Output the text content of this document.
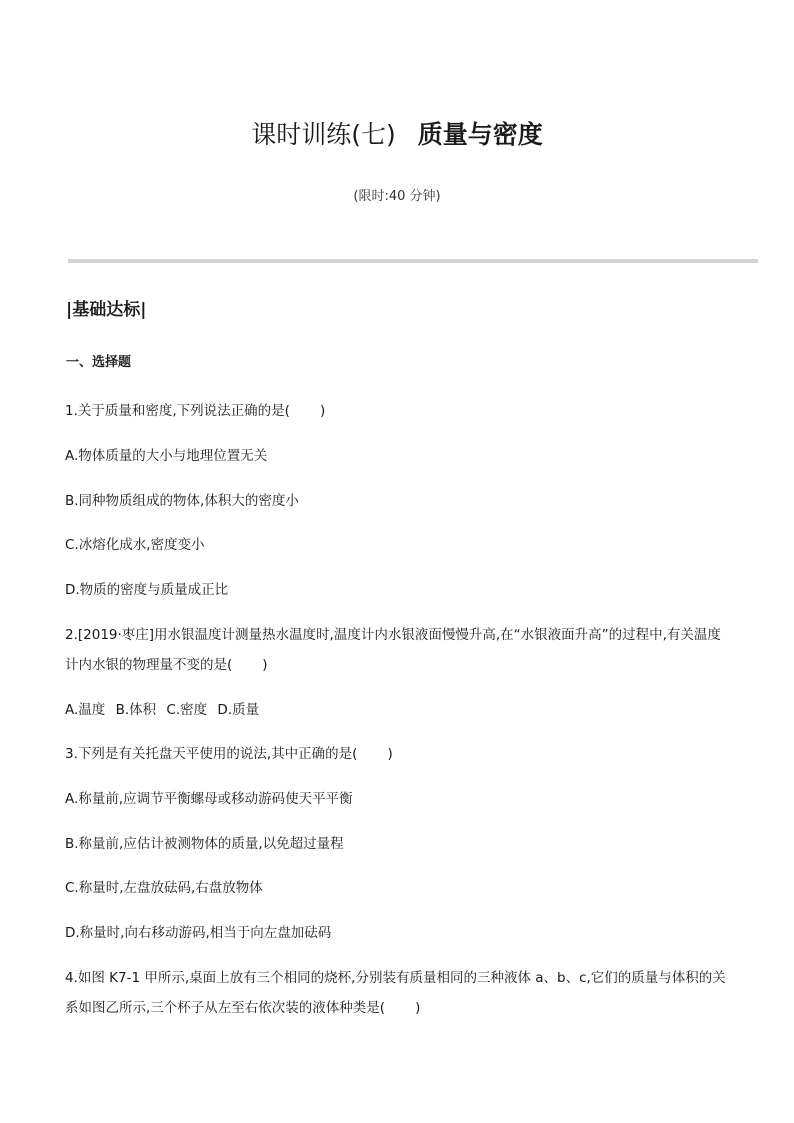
课时训练(七) 质量与密度
(限时:40 分钟)
|基础达标|
一、选择题
1.关于质量和密度,下列说法正确的是( )
A.物体质量的大小与地理位置无关
B.同种物质组成的物体,体积大的密度小
C.冰熔化成水,密度变小
D.物质的密度与质量成正比
2.[2019·枣庄]用水银温度计测量热水温度时,温度计内水银液面慢慢升高,在“水银液面升高”的过程中,有关温度
计内水银的物理量不变的是( )
A.温度 B.体积 C.密度 D.质量
3.下列是有关托盘天平使用的说法,其中正确的是( )
A.称量前,应调节平衡螺母或移动游码使天平平衡
B.称量前,应估计被测物体的质量,以免超过量程
C.称量时,左盘放砝码,右盘放物体
D.称量时,向右移动游码,相当于向左盘加砝码
4.如图 K7-1 甲所示,桌面上放有三个相同的烧杯,分别装有质量相同的三种液体 a、b、c,它们的质量与体积的关
系如图乙所示,三个杯子从左至右依次装的液体种类是( )
